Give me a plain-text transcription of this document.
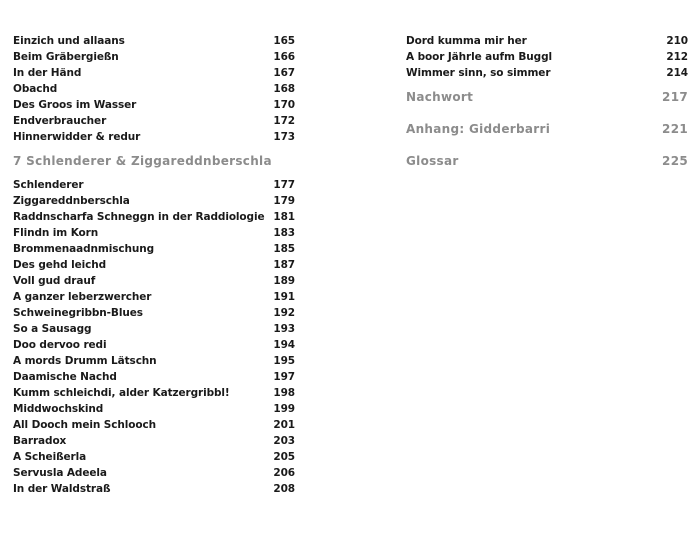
Einzich und allaans	165
Beim Gräbergießn	166
In der Händ	167
Obachd	168
Des Groos im Wasser	170
Endverbraucher	172
Hinnerwidder & redur	173
7 Schlenderer & Ziggareddnberschla
Schlenderer	177
Ziggareddnberschla	179
Raddnscharfa Schneggn in der Raddiologie 181
Flindn im Korn	183
Brommenaadnmischung	185
Des gehd leichd	187
Voll gud drauf	189
A ganzer leberzwercher	191
Schweinegribbn-Blues	192
So a Sausagg	193
Doo dervoo redi	194
A mords Drumm Lätschn	195
Daamische Nachd	197
Kumm schleichdi, alder Katzergribbl!	198
Middwochskind	199
All Dooch mein Schlooch	201
Barradox	203
A Scheißerla	205
Servusla Adeela	206
In der Waldstraß	208
Dord kumma mir her	210
A boor Jährle aufm Buggl	212
Wimmer sinn, so simmer	214
Nachwort	217
Anhang: Gidderbarri	221
Glossar	225
